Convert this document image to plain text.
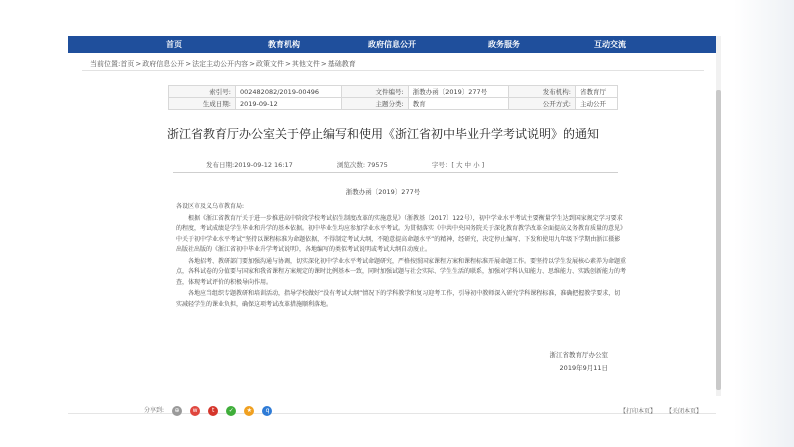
首页	教育机构	政府信息公开	政务服务	互动交流
当前位置:首页>政府信息公开>法定主动公开内容>政策文件>其他文件>基础教育
索引号:	002482082/2019-00496	文件编号:	浙教办函〔2019〕277号	发布机构:	省教育厅
生成日期:	2019-09-12	主题分类:	教育	公开方式:	主动公开
浙江省教育厅办公室关于停止编写和使用《浙江省初中毕业升学考试说明》的通知
发布日期:2019-09-12 16:17	浏览次数: 79575	字号：[ 大 中 小 ]
浙教办函〔2019〕277号

各设区市及义乌市教育局:

根据《浙江省教育厅关于进一步推进高中阶段学校考试招生制度改革的实施意见》（浙教基〔2017〕122号），初中学业水平考试主要衡量学生达到国家规定学习要求的程度，考试成绩是学生毕业和升学的基本依据。初中毕业生均应参加学业水平考试。为贯彻落实《中共中央国务院关于深化教育教学改革全面提高义务教育质量的意见》中关于初中学业水平考试“坚持以课程标准为命题依据，不得制定考试大纲，不随意提高命题水平”的精神，经研究，决定停止编写、下发和使用九年级下学期由浙江摄影出版社出版的《浙江省初中毕业升学考试说明》，各地编写的类似考试说明或考试大纲自动废止。

各地招考、教研部门要加强沟通与协调，切实深化初中学业水平考试命题研究，严格按照国家课程方案和课程标准开展命题工作。要坚持以学生发展核心素养为命题重点，各科试卷的分值要与国家和我省课程方案规定的课时比例基本一致，同时加强试题与社会实际、学生生活的联系，加强对学科认知能力、思维能力、实践创新能力的考查，体现考试评价的积极导向作用。

各地应当组织专题教研和培训活动，指导学校做好“没有考试大纲”情况下的学科教学和复习迎考工作，引导初中教师深入研究学科课程标准，准确把握教学要求，切实减轻学生的课业负担，确保这项考试改革措施顺利落地。

浙江省教育厅办公室
2019年9月11日
分享到:	⊕ w t ✓ ★ q	【打印本页】 【关闭本页】
